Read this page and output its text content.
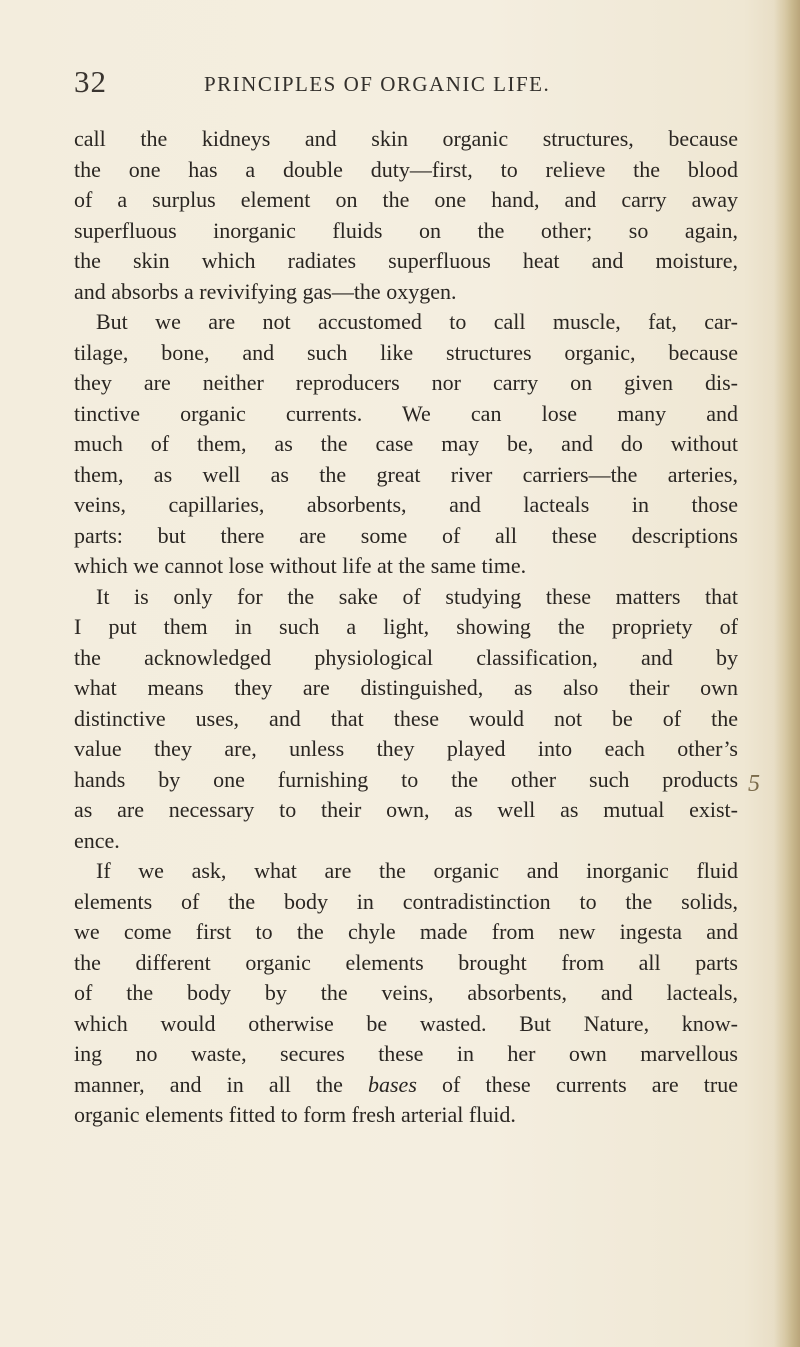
32	PRINCIPLES OF ORGANIC LIFE.
call the kidneys and skin organic structures, because
the one has a double duty—first, to relieve the blood
of a surplus element on the one hand, and carry away
superfluous inorganic fluids on the other; so again,
the skin which radiates superfluous heat and moisture,
and absorbs a revivifying gas—the oxygen.
But we are not accustomed to call muscle, fat, car-
tilage, bone, and such like structures organic, because
they are neither reproducers nor carry on given dis-
tinctive organic currents. We can lose many and
much of them, as the case may be, and do without
them, as well as the great river carriers—the arteries,
veins, capillaries, absorbents, and lacteals in those
parts: but there are some of all these descriptions
which we cannot lose without life at the same time.
It is only for the sake of studying these matters that
I put them in such a light, showing the propriety of
the acknowledged physiological classification, and by
what means they are distinguished, as also their own
distinctive uses, and that these would not be of the
value they are, unless they played into each other’s
hands by one furnishing to the other such products
as are necessary to their own, as well as mutual exist-
ence.
If we ask, what are the organic and inorganic fluid
elements of the body in contradistinction to the solids,
we come first to the chyle made from new ingesta and
the different organic elements brought from all parts
of the body by the veins, absorbents, and lacteals,
which would otherwise be wasted. But Nature, know-
ing no waste, secures these in her own marvellous
manner, and in all the bases of these currents are true
organic elements fitted to form fresh arterial fluid.
5
